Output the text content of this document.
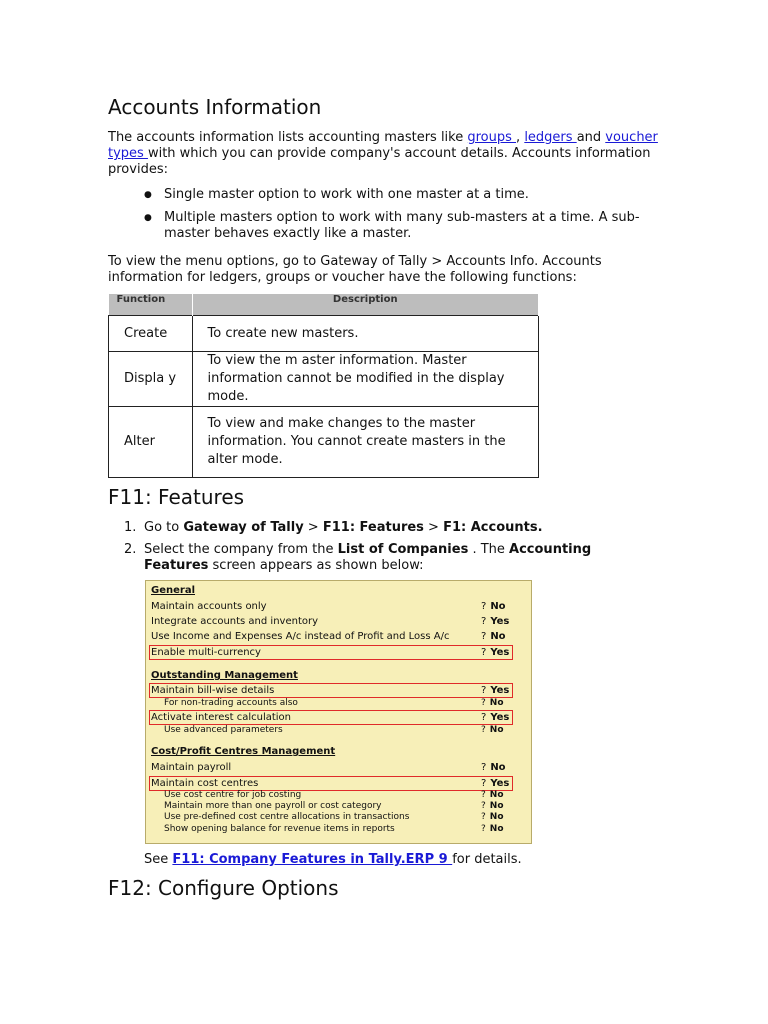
Accounts Information

The accounts information lists accounting masters like groups , ledgers and voucher types with which you can provide company's account details. Accounts information provides:

● Single master option to work with one master at a time.
● Multiple masters option to work with many sub-masters at a time. A sub-master behaves exactly like a master.

To view the menu options, go to Gateway of Tally > Accounts Info. Accounts information for ledgers, groups or voucher have the following functions:

Function	Description
Create	To create new masters.
Displa y	To view the m aster information. Master information cannot be modified in the display mode.
Alter	To view and make changes to the master information. You cannot create masters in the alter mode.
F11: Features
1. Go to Gateway of Tally > F11: Features > F1: Accounts.
2. Select the company from the List of Companies . The Accounting Features screen appears as shown below:
General
Maintain accounts only	? No
Integrate accounts and inventory	? Yes
Use Income and Expenses A/c instead of Profit and Loss A/c	? No
Enable multi-currency	? Yes
Outstanding Management
Maintain bill-wise details	? Yes
For non-trading accounts also	? No
Activate interest calculation	? Yes
Use advanced parameters	? No
Cost/Profit Centres Management
Maintain payroll	? No
Maintain cost centres	? Yes
Use cost centre for job costing	? No
Maintain more than one payroll or cost category	? No
Use pre-defined cost centre allocations in transactions	? No
Show opening balance for revenue items in reports	? No

See F11: Company Features in Tally.ERP 9 for details.

F12: Configure Options
